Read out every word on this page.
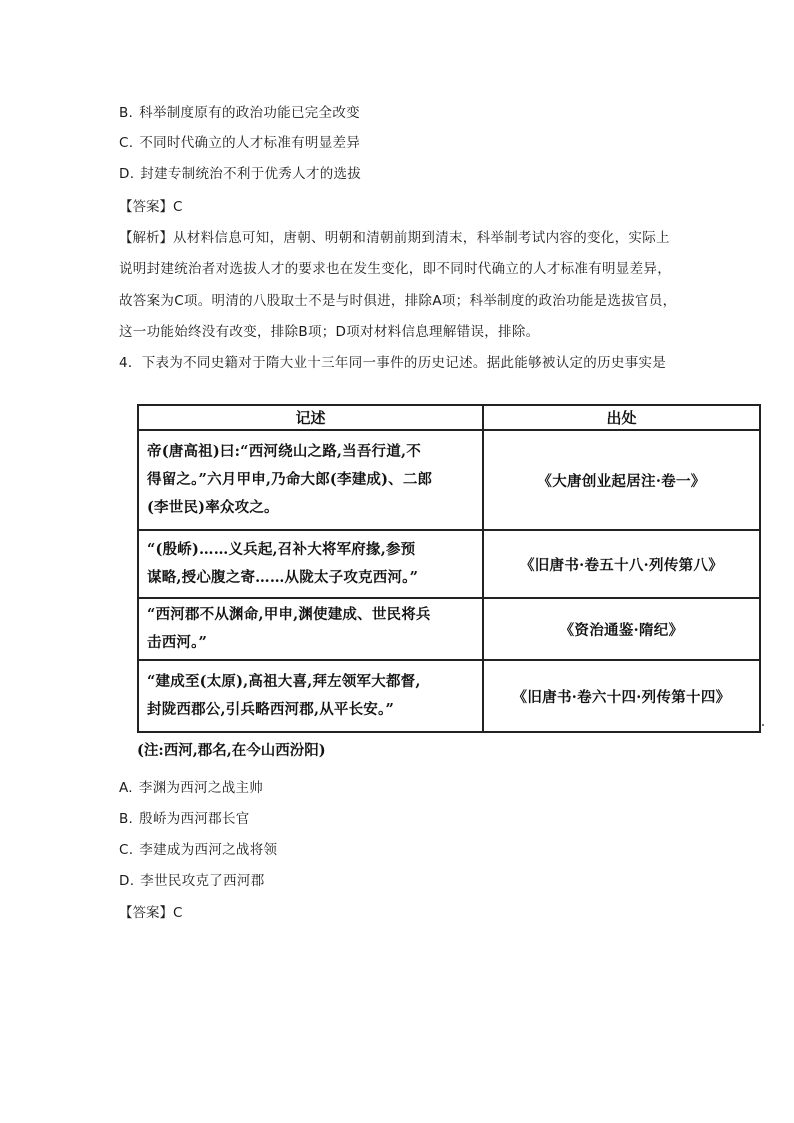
B. 科举制度原有的政治功能已完全改变
C. 不同时代确立的人才标准有明显差异
D. 封建专制统治不利于优秀人才的选拔
【答案】C
【解析】从材料信息可知，唐朝、明朝和清朝前期到清末，科举制考试内容的变化，实际上
说明封建统治者对选拔人才的要求也在发生变化，即不同时代确立的人才标准有明显差异，
故答案为C项。明清的八股取士不是与时俱进，排除A项；科举制度的政治功能是选拔官员，
这一功能始终没有改变，排除B项；D项对材料信息理解错误，排除。
4．下表为不同史籍对于隋大业十三年同一事件的历史记述。据此能够被认定的历史事实是
记述	出处

帝(唐高祖)曰:“西河绕山之路,当吾行道,不
得留之。”六月甲申,乃命大郎(李建成)、二郎
(李世民)率众攻之。	《大唐创业起居注·卷一》

“(殷峤)……义兵起,召补大将军府掾,参预
谋略,授心腹之寄……从陇太子攻克西河。”	《旧唐书·卷五十八·列传第八》

“西河郡不从渊命,甲申,渊使建成、世民将兵
击西河。”	《资治通鉴·隋纪》

“建成至(太原),高祖大喜,拜左领军大都督,
封陇西郡公,引兵略西河郡,从平长安。”	《旧唐书·卷六十四·列传第十四》
(注:西河,郡名,在今山西汾阳)
A. 李渊为西河之战主帅
B. 殷峤为西河郡长官
C. 李建成为西河之战将领
D. 李世民攻克了西河郡
【答案】C
